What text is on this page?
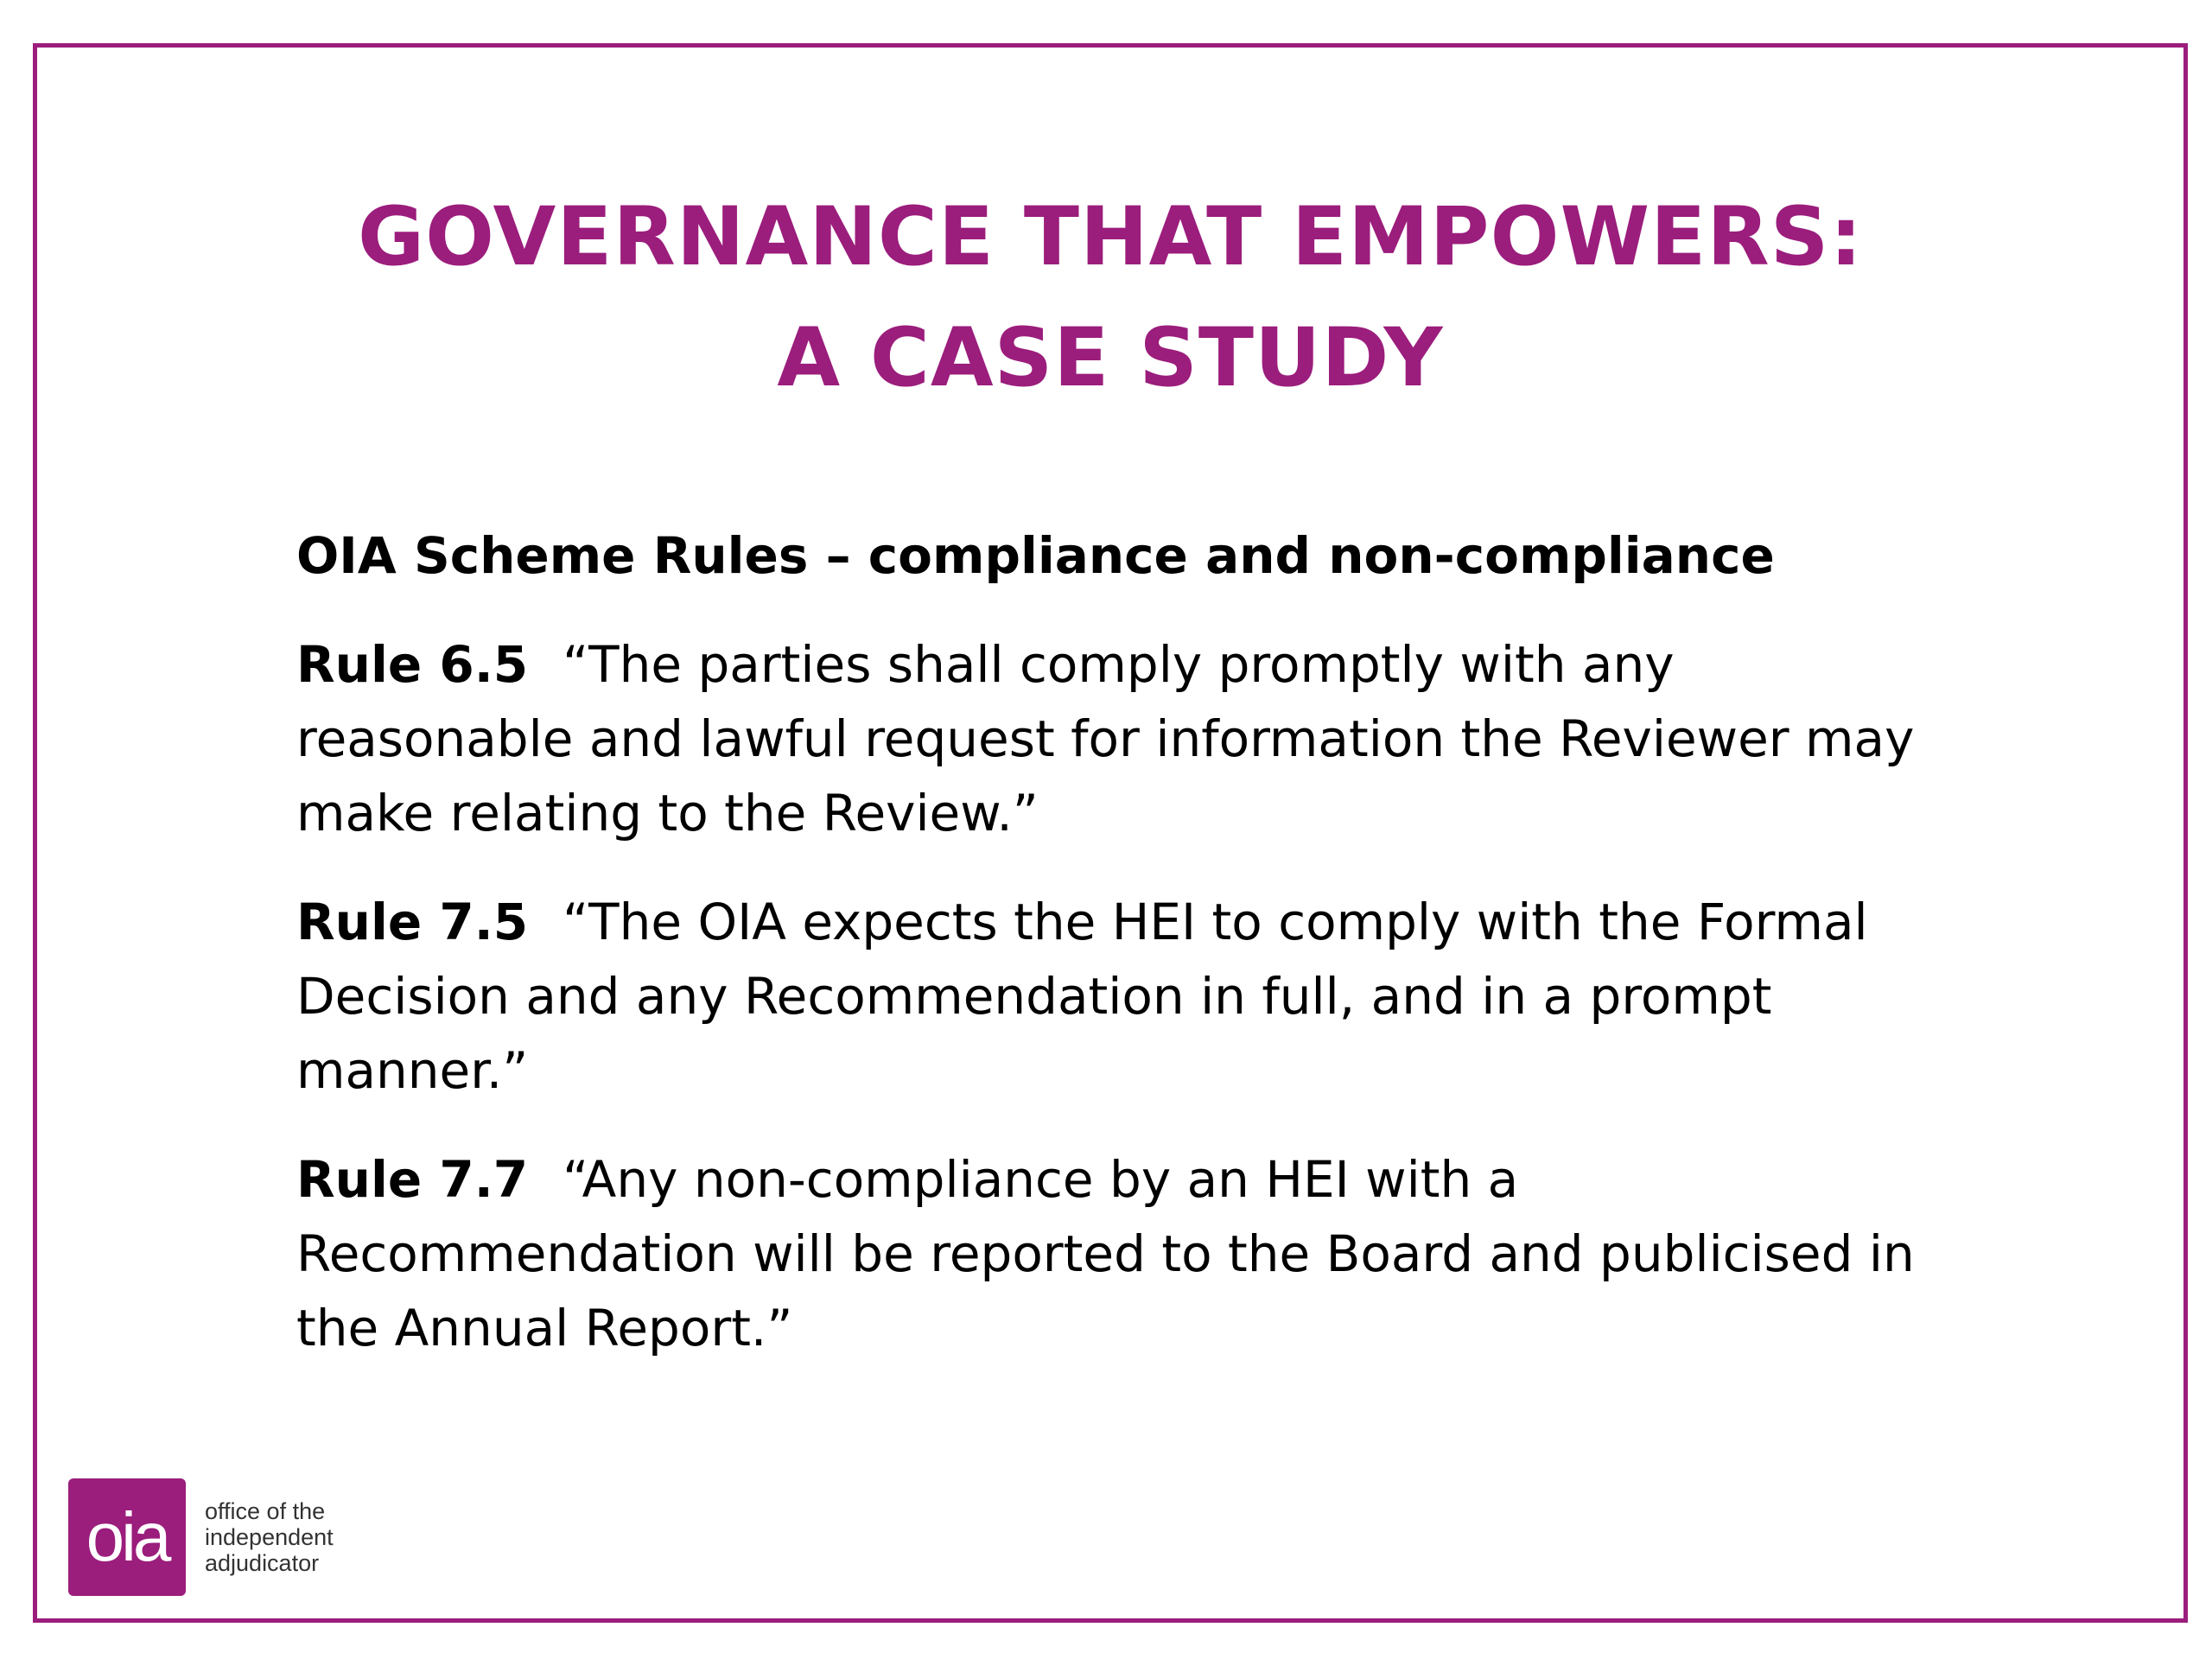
GOVERNANCE THAT EMPOWERS:
A CASE STUDY
OIA Scheme Rules – compliance and non-compliance
Rule 6.5 “The parties shall comply promptly with any reasonable and lawful request for information the Reviewer may make relating to the Review.”
Rule 7.5 “The OIA expects the HEI to comply with the Formal Decision and any Recommendation in full, and in a prompt manner.”
Rule 7.7 “Any non-compliance by an HEI with a Recommendation will be reported to the Board and publicised in the Annual Report.”
oia	office of the
independent
adjudicator
